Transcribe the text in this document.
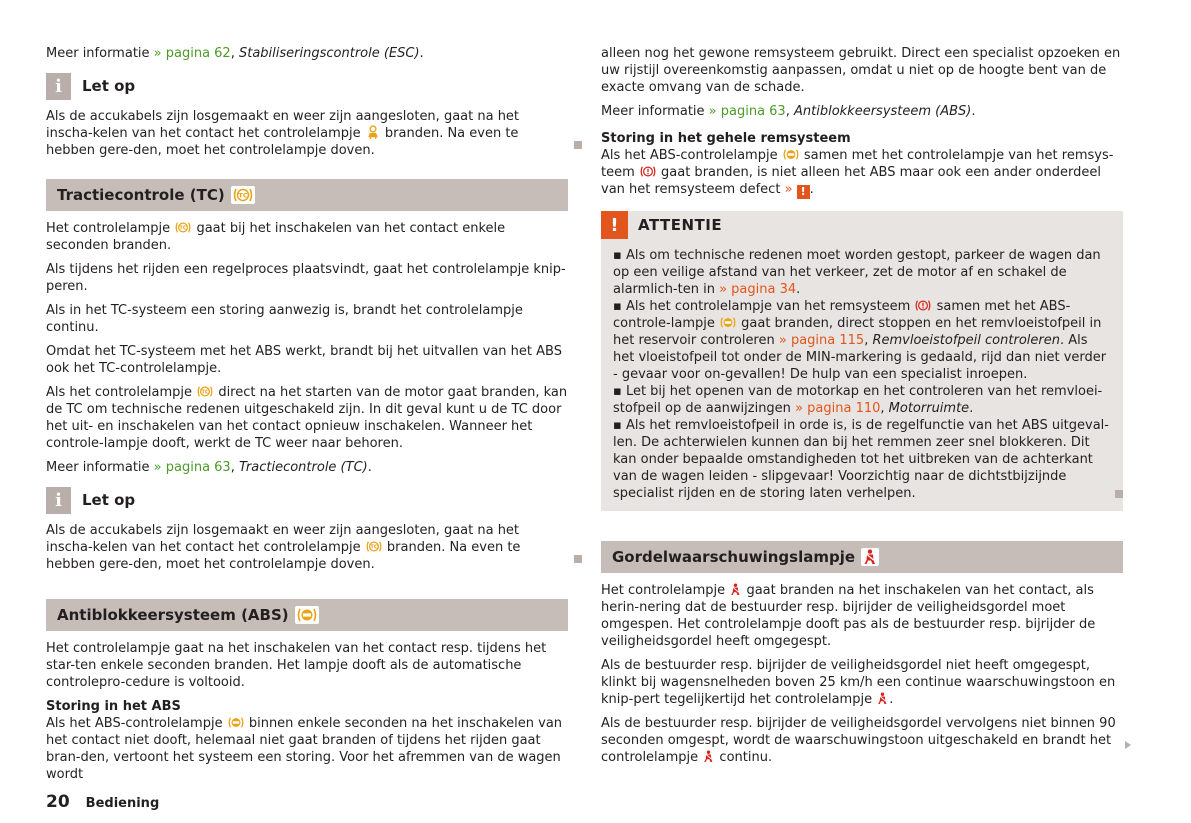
Meer informatie » pagina 62, Stabiliseringscontrole (ESC).

i	Let op

Als de accukabels zijn losgemaakt en weer zijn aangesloten, gaat na het inscha-kelen van het contact het controlelampje
branden. Na even te hebben gere-den, moet het controlelampje doven.

Tractiecontrole (TC)

Het controlelampje
gaat bij het inschakelen van het contact enkele seconden branden.

Als tijdens het rijden een regelproces plaatsvindt, gaat het controlelampje knip-peren.

Als in het TC-systeem een storing aanwezig is, brandt het controlelampje continu.

Omdat het TC-systeem met het ABS werkt, brandt bij het uitvallen van het ABS ook het TC-controlelampje.

Als het controlelampje
direct na het starten van de motor gaat branden, kan de TC om technische redenen uitgeschakeld zijn. In dit geval kunt u de TC door het uit- en inschakelen van het contact opnieuw inschakelen. Wanneer het controle-lampje dooft, werkt de TC weer naar behoren.

Meer informatie » pagina 63, Tractiecontrole (TC).

i	Let op

Als de accukabels zijn losgemaakt en weer zijn aangesloten, gaat na het inscha-kelen van het contact het controlelampje
branden. Na even te hebben gere-den, moet het controlelampje doven.

Antiblokkeersysteem (ABS)

Het controlelampje gaat na het inschakelen van het contact resp. tijdens het star-ten enkele seconden branden. Het lampje dooft als de automatische controlepro-cedure is voltooid.

Storing in het ABS

Als het ABS-controlelampje
binnen enkele seconden na het inschakelen van het contact niet dooft, helemaal niet gaat branden of tijdens het rijden gaat bran-den, vertoont het systeem een storing. Voor het afremmen van de wagen wordt

alleen nog het gewone remsysteem gebruikt. Direct een specialist opzoeken en uw rijstijl overeenkomstig aanpassen, omdat u niet op de hoogte bent van de exacte omvang van de schade.

Meer informatie » pagina 63, Antiblokkeersysteem (ABS).

Storing in het gehele remsysteem

Als het ABS-controlelampje
samen met het controlelampje van het remsys-teem
gaat branden, is niet alleen het ABS maar ook een ander onderdeel van het remsysteem defect » ! .

!	ATTENTIE

▪ Als om technische redenen moet worden gestopt, parkeer de wagen dan op een veilige afstand van het verkeer, zet de motor af en schakel de alarmlich-ten in » pagina 34.

▪ Als het controlelampje van het remsysteem
samen met het ABS-controle-lampje
gaat branden, direct stoppen en het remvloeistofpeil in het reservoir controleren » pagina 115, Remvloeistofpeil controleren. Als het vloeistofpeil tot onder de MIN-markering is gedaald, rijd dan niet verder - gevaar voor on-gevallen! De hulp van een specialist inroepen.

▪ Let bij het openen van de motorkap en het controleren van het remvloei-stofpeil op de aanwijzingen » pagina 110, Motorruimte.

▪ Als het remvloeistofpeil in orde is, is de regelfunctie van het ABS uitgeval-len. De achterwielen kunnen dan bij het remmen zeer snel blokkeren. Dit kan onder bepaalde omstandigheden tot het uitbreken van de achterkant van de wagen leiden - slipgevaar! Voorzichtig naar de dichtstbijzijnde specialist rijden en de storing laten verhelpen.

Gordelwaarschuwingslampje

Het controlelampje
gaat branden na het inschakelen van het contact, als herin-nering dat de bestuurder resp. bijrijder de veiligheidsgordel moet omgespen. Het controlelampje dooft pas als de bestuurder resp. bijrijder de veiligheidsgordel heeft omgegespt.

Als de bestuurder resp. bijrijder de veiligheidsgordel niet heeft omgegespt, klinkt bij wagensnelheden boven 25 km/h een continue waarschuwingstoon en knip-pert tegelijkertijd het controlelampje
.

Als de bestuurder resp. bijrijder de veiligheidsgordel vervolgens niet binnen 90 seconden omgespt, wordt de waarschuwingstoon uitgeschakeld en brandt het controlelampje
continu.

20 Bediening
